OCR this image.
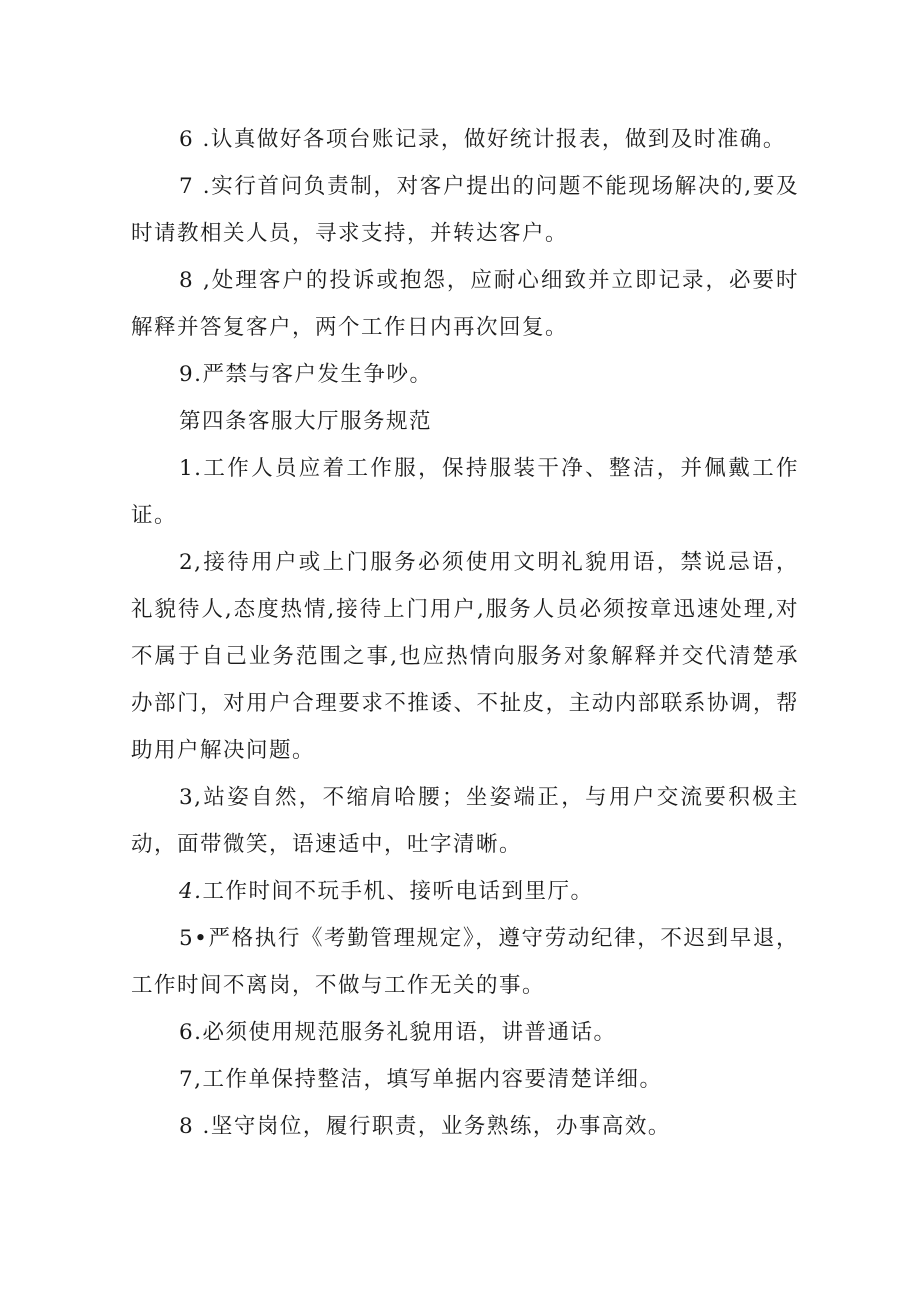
6 .认真做好各项台账记录，做好统计报表，做到及时准确。

7 .实行首问负责制，对客户提出的问题不能现场解决的,要及时请教相关人员，寻求支持，并转达客户。

8 ,处理客户的投诉或抱怨，应耐心细致并立即记录，必要时解释并答复客户，两个工作日内再次回复。

9.严禁与客户发生争吵。

第四条客服大厅服务规范

1.工作人员应着工作服，保持服装干净、整洁，并佩戴工作证。

2,接待用户或上门服务必须使用文明礼貌用语，禁说忌语，礼貌待人,态度热情,接待上门用户,服务人员必须按章迅速处理,对不属于自己业务范围之事,也应热情向服务对象解释并交代清楚承办部门，对用户合理要求不推诿、不扯皮，主动内部联系协调，帮助用户解决问题。

3,站姿自然，不缩肩哈腰；坐姿端正，与用户交流要积极主动，面带微笑，语速适中，吐字清晰。

4.工作时间不玩手机、接听电话到里厅。

5•严格执行《考勤管理规定》，遵守劳动纪律，不迟到早退，工作时间不离岗，不做与工作无关的事。

6.必须使用规范服务礼貌用语，讲普通话。

7,工作单保持整洁，填写单据内容要清楚详细。

8 .坚守岗位，履行职责，业务熟练，办事高效。
